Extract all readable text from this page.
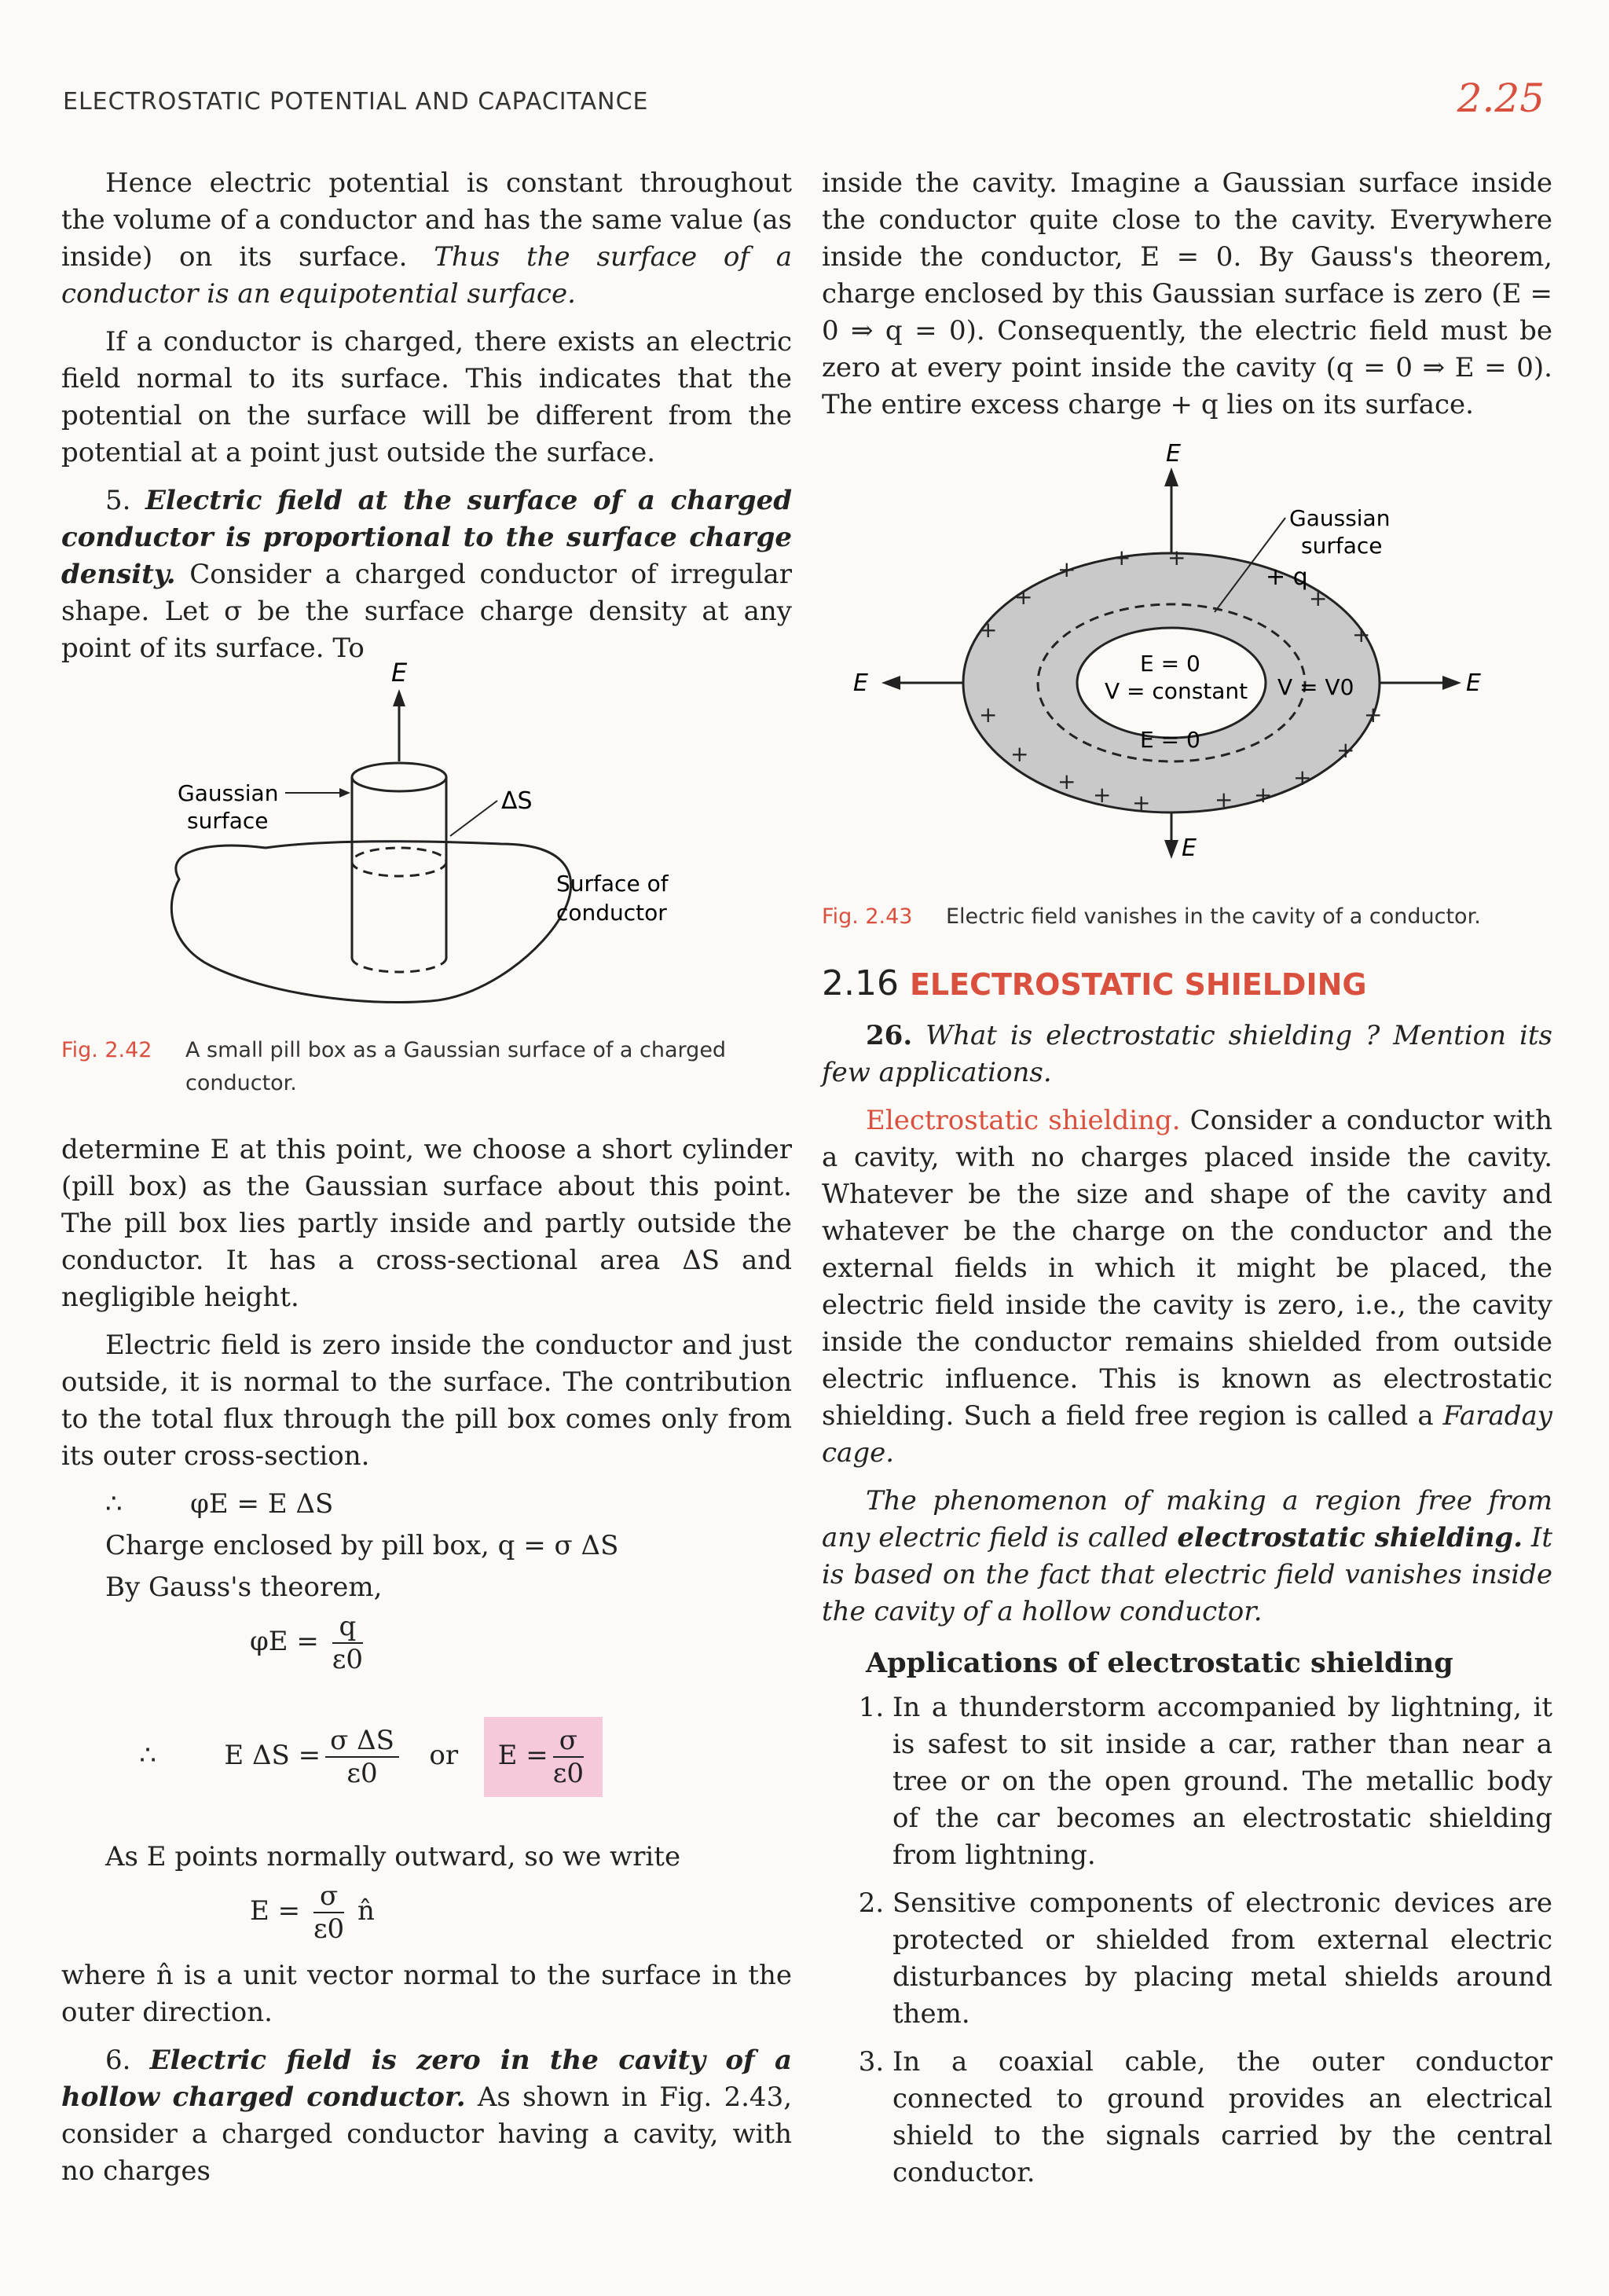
ELECTROSTATIC POTENTIAL AND CAPACITANCE	2.25

Hence electric potential is constant throughout the volume of a conductor and has the same value (as inside) on its surface. Thus the surface of a conductor is an equipotential surface.

If a conductor is charged, there exists an electric field normal to its surface. This indicates that the potential on the surface will be different from the potential at a point just outside the surface.

5. Electric field at the surface of a charged conductor is proportional to the surface charge density. Consider a charged conductor of irregular shape. Let σ be the surface charge density at any point of its surface. To

E
Gaussian
surface
ΔS
Surface of
conductor
Fig. 2.42	A small pill box as a Gaussian surface of a charged conductor.

determine E at this point, we choose a short cylinder (pill box) as the Gaussian surface about this point. The pill box lies partly inside and partly outside the conductor. It has a cross-sectional area ΔS and negligible height.

Electric field is zero inside the conductor and just outside, it is normal to the surface. The contribution to the total flux through the pill box comes only from its outer cross-section.

∴        φE = E ΔS
Charge enclosed by pill box, q = σ ΔS
By Gauss's theorem,
$\varphi E = \frac{q}{\varepsilon 0}$

∴        E $\Delta S = \frac{\text{σ ΔS}}{\varepsilon 0}$ or $E = \frac{\sigma}{\varepsilon 0}$

As E points normally outward, so we write
$E = \frac{\sigma}{\varepsilon 0}$ n̂

where n̂ is a unit vector normal to the surface in the outer direction.

6. Electric field is zero in the cavity of a hollow charged conductor. As shown in Fig. 2.43, consider a charged conductor having a cavity, with no charges

inside the cavity. Imagine a Gaussian surface inside the conductor quite close to the cavity. Everywhere inside the conductor, E = 0. By Gauss's theorem, charge enclosed by this Gaussian surface is zero (E = 0 ⇒ q = 0). Consequently, the electric field must be zero at every point inside the cavity (q = 0 ⇒ E = 0). The entire excess charge + q lies on its surface.

E
E
E	E
E = 0
V = constant
E = 0
V = V0
Gaussian
surface
+ q
+ + +
+
+
+
+
+
+
+
+
+
+ +	+ +
+
Fig. 2.43	Electric field vanishes in the cavity of a conductor.
2.16 ELECTROSTATIC SHIELDING

26. What is electrostatic shielding ? Mention its few applications.

Electrostatic shielding. Consider a conductor with a cavity, with no charges placed inside the cavity. Whatever be the size and shape of the cavity and whatever be the charge on the conductor and the external fields in which it might be placed, the electric field inside the cavity is zero, i.e., the cavity inside the conductor remains shielded from outside electric influence. This is known as electrostatic shielding. Such a field free region is called a Faraday cage.

The phenomenon of making a region free from any electric field is called electrostatic shielding. It is based on the fact that electric field vanishes inside the cavity of a hollow conductor.

Applications of electrostatic shielding
1. In a thunderstorm accompanied by lightning, it is safest to sit inside a car, rather than near a tree or on the open ground. The metallic body of the car becomes an electrostatic shielding from lightning.
2. Sensitive components of electronic devices are protected or shielded from external electric disturbances by placing metal shields around them.
3. In a coaxial cable, the outer conductor connected to ground provides an electrical shield to the signals carried by the central conductor.
